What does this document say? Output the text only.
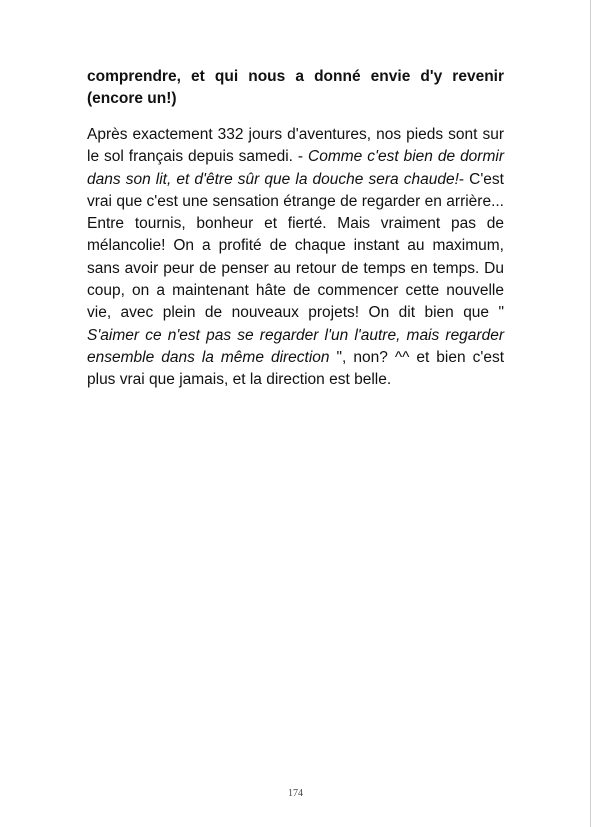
comprendre, et qui nous a donné envie d'y revenir (encore un!)

Après exactement 332 jours d'aventures, nos pieds sont sur le sol français depuis samedi. - Comme c'est bien de dormir dans son lit, et d'être sûr que la douche sera chaude!- C'est vrai que c'est une sensation étrange de regarder en arrière... Entre tournis, bonheur et fierté. Mais vraiment pas de mélancolie! On a profité de chaque instant au maximum, sans avoir peur de penser au retour de temps en temps. Du coup, on a maintenant hâte de commencer cette nouvelle vie, avec plein de nouveaux projets! On dit bien que " S'aimer ce n'est pas se regarder l'un l'autre, mais regarder ensemble dans la même direction ", non? ^^ et bien c'est plus vrai que jamais, et la direction est belle.

174
